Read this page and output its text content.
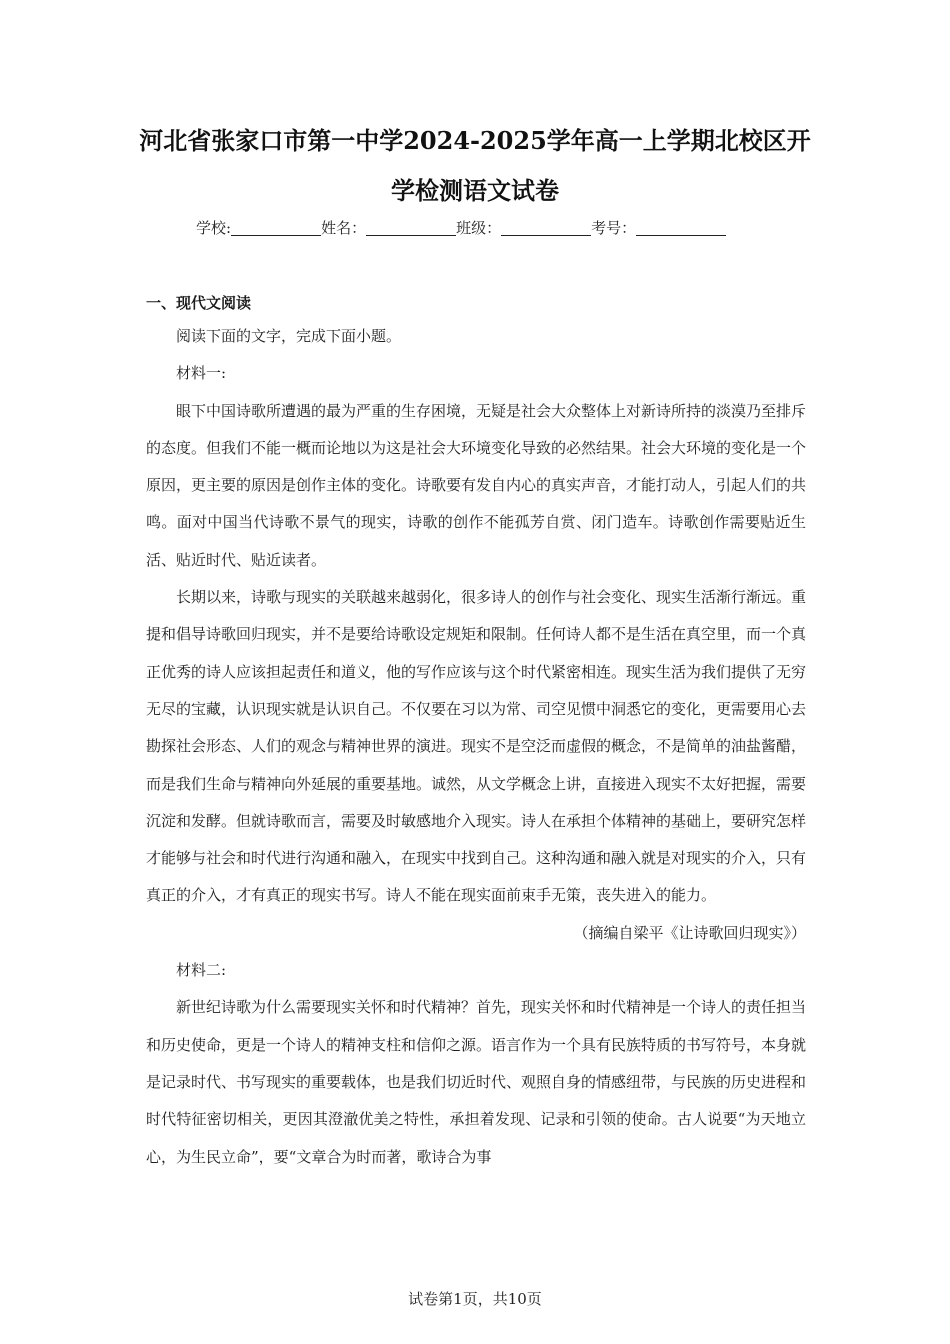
河北省张家口市第一中学2024-2025学年高一上学期北校区开
学检测语文试卷
学校:	姓名：	班级：	考号：
一、现代文阅读

阅读下面的文字，完成下面小题。

材料一:

眼下中国诗歌所遭遇的最为严重的生存困境，无疑是社会大众整体上对新诗所持的淡漠乃至排斥的态度。但我们不能一概而论地以为这是社会大环境变化导致的必然结果。社会大环境的变化是一个原因，更主要的原因是创作主体的变化。诗歌要有发自内心的真实声音，才能打动人，引起人们的共鸣。面对中国当代诗歌不景气的现实，诗歌的创作不能孤芳自赏、闭门造车。诗歌创作需要贴近生活、贴近时代、贴近读者。

长期以来，诗歌与现实的关联越来越弱化，很多诗人的创作与社会变化、现实生活渐行渐远。重提和倡导诗歌回归现实，并不是要给诗歌设定规矩和限制。任何诗人都不是生活在真空里，而一个真正优秀的诗人应该担起责任和道义，他的写作应该与这个时代紧密相连。现实生活为我们提供了无穷无尽的宝藏，认识现实就是认识自己。不仅要在习以为常、司空见惯中洞悉它的变化，更需要用心去勘探社会形态、人们的观念与精神世界的演进。现实不是空泛而虚假的概念，不是简单的油盐酱醋，而是我们生命与精神向外延展的重要基地。诚然，从文学概念上讲，直接进入现实不太好把握，需要沉淀和发酵。但就诗歌而言，需要及时敏感地介入现实。诗人在承担个体精神的基础上，要研究怎样才能够与社会和时代进行沟通和融入，在现实中找到自己。这种沟通和融入就是对现实的介入，只有真正的介入，才有真正的现实书写。诗人不能在现实面前束手无策，丧失进入的能力。

（摘编自梁平《让诗歌回归现实》）

材料二:

新世纪诗歌为什么需要现实关怀和时代精神？首先，现实关怀和时代精神是一个诗人的责任担当和历史使命，更是一个诗人的精神支柱和信仰之源。语言作为一个具有民族特质的书写符号，本身就是记录时代、书写现实的重要载体，也是我们切近时代、观照自身的情感纽带，与民族的历史进程和时代特征密切相关，更因其澄澈优美之特性，承担着发现、记录和引领的使命。古人说要“为天地立心，为生民立命”，要“文章合为时而著，歌诗合为事

试卷第1页，共10页
